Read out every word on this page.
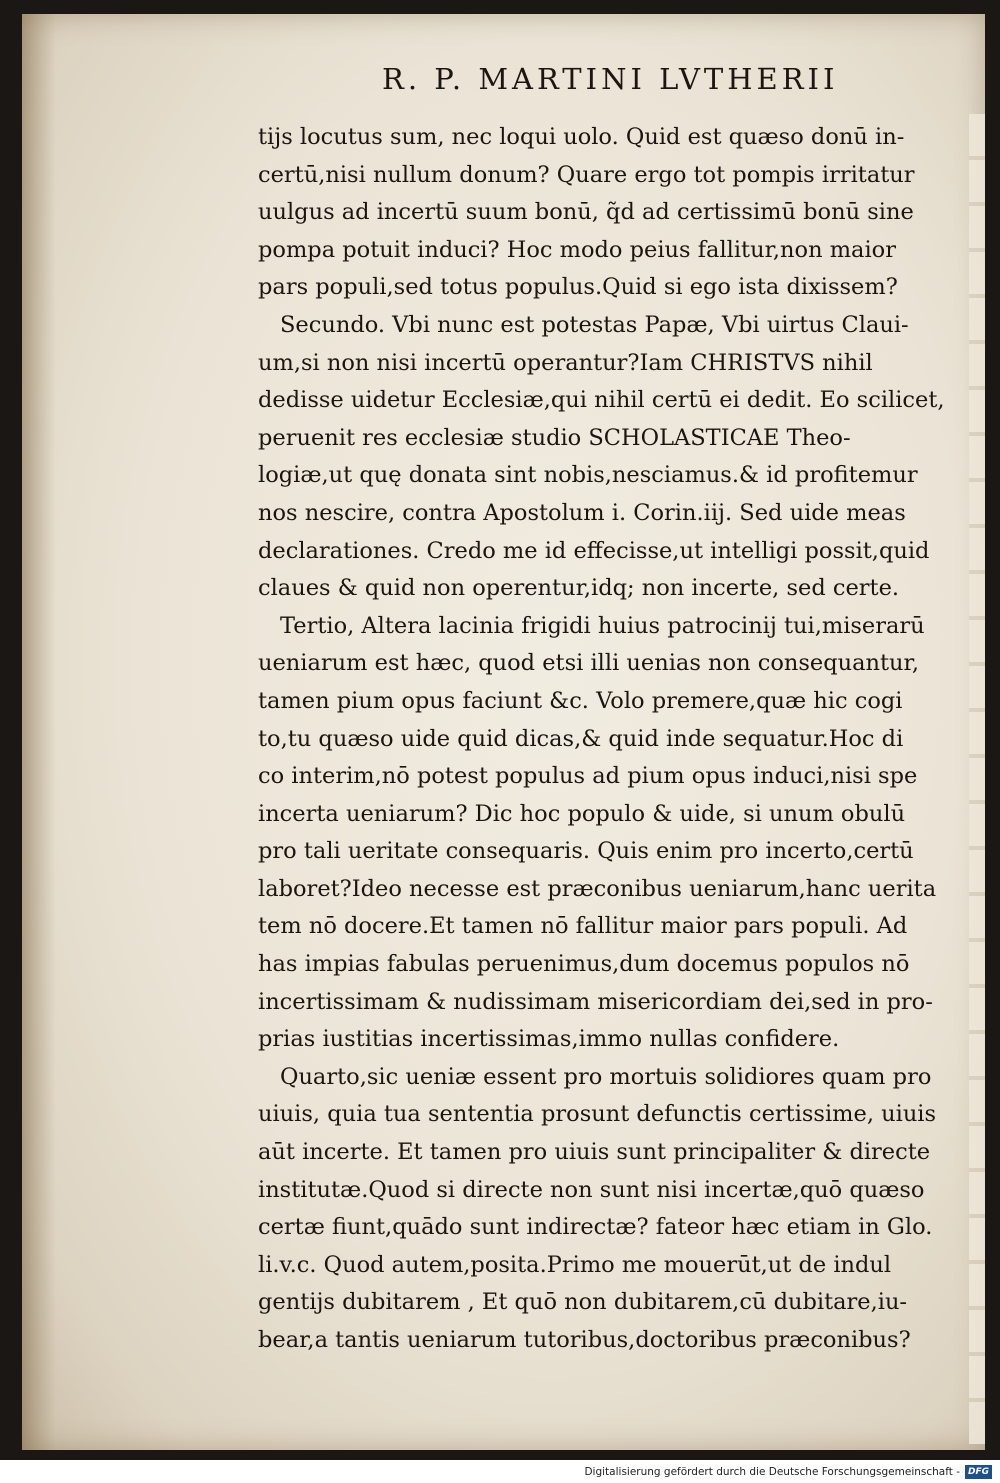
R. P. MARTINI LVTHERII
tijs locutus sum, nec loqui uolo. Quid est quæso donū in-
certū,nisi nullum donum? Quare ergo tot pompis irritatur
uulgus ad incertū suum bonū, q̃d ad certissimū bonū sine
pompa potuit induci? Hoc modo peius fallitur,non maior
pars populi,sed totus populus.Quid si ego ista dixissem?
Secundo. Vbi nunc est potestas Papæ, Vbi uirtus Claui-
um,si non nisi incertū operantur?Iam CHRISTVS nihil
dedisse uidetur Ecclesiæ,qui nihil certū ei dedit. Eo scilicet,
peruenit res ecclesiæ studio SCHOLASTICAE Theo-
logiæ,ut quę donata sint nobis,nesciamus.& id profitemur
nos nescire, contra Apostolum i. Corin.iij. Sed uide meas
declarationes. Credo me id effecisse,ut intelligi possit,quid
claues & quid non operentur,idq; non incerte, sed certe.
Tertio, Altera lacinia frigidi huius patrocinij tui,miserarū
ueniarum est hæc, quod etsi illi uenias non consequantur,
tamen pium opus faciunt &c. Volo premere,quæ hic cogi
to,tu quæso uide quid dicas,& quid inde sequatur.Hoc di
co interim,nō potest populus ad pium opus induci,nisi spe
incerta ueniarum? Dic hoc populo & uide, si unum obulū
pro tali ueritate consequaris. Quis enim pro incerto,certū
laboret?Ideo necesse est præconibus ueniarum,hanc uerita
tem nō docere.Et tamen nō fallitur maior pars populi. Ad
has impias fabulas peruenimus,dum docemus populos nō
incertissimam & nudissimam misericordiam dei,sed in pro-
prias iustitias incertissimas,immo nullas confidere.
Quarto,sic ueniæ essent pro mortuis solidiores quam pro
uiuis, quia tua sententia prosunt defunctis certissime, uiuis
aūt incerte. Et tamen pro uiuis sunt principaliter & directe
institutæ.Quod si directe non sunt nisi incertæ,quō quæso
certæ fiunt,quādo sunt indirectæ? fateor hæc etiam in Glo.
li.v.c. Quod autem,posita.Primo me mouerūt,ut de indul
gentijs dubitarem , Et quō non dubitarem,cū dubitare,iu-
bear,a tantis ueniarum tutoribus,doctoribus præconibus?
Digitalisierung gefördert durch die Deutsche Forschungsgemeinschaft - DFG
